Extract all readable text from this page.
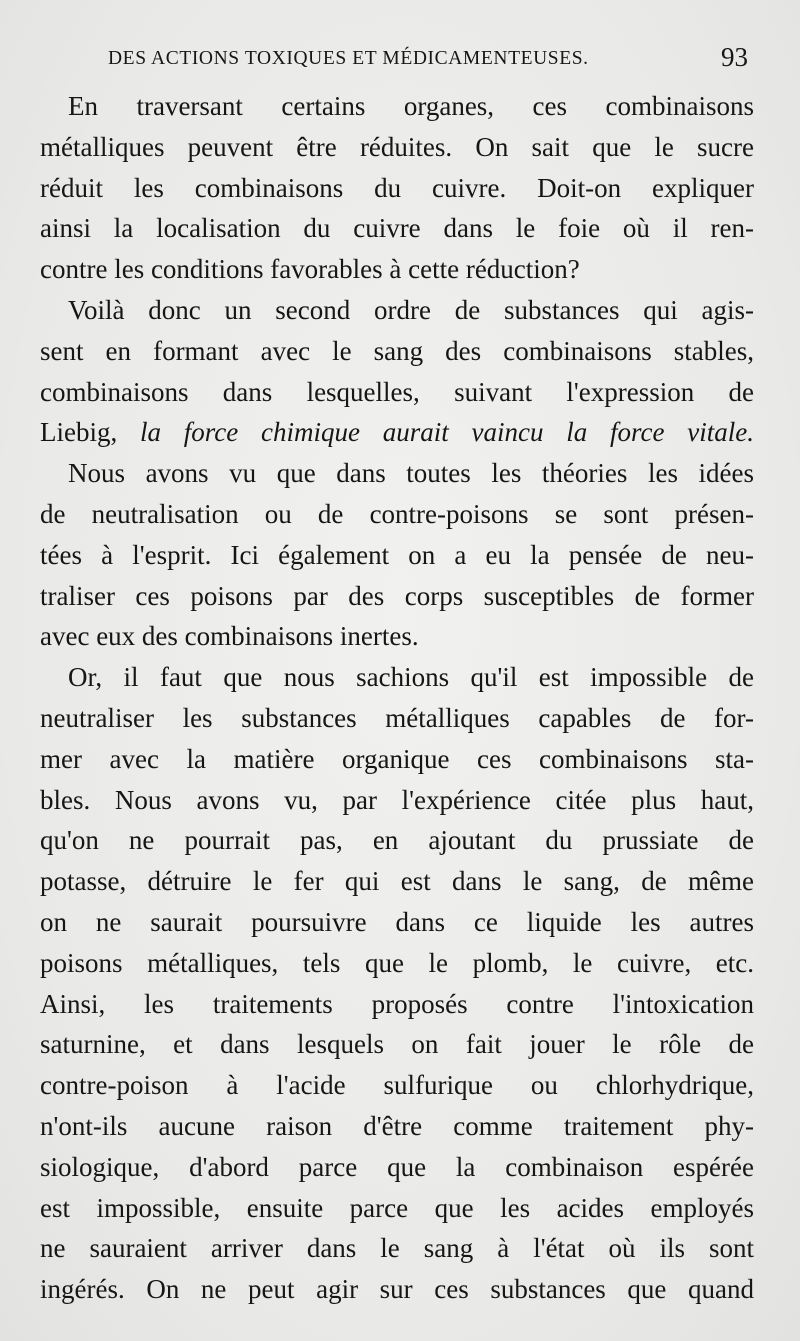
DES ACTIONS TOXIQUES ET MÉDICAMENTEUSES.	93
En traversant certains organes, ces combinaisons
métalliques peuvent être réduites. On sait que le sucre
réduit les combinaisons du cuivre. Doit-on expliquer
ainsi la localisation du cuivre dans le foie où il ren-
contre les conditions favorables à cette réduction?
Voilà donc un second ordre de substances qui agis-
sent en formant avec le sang des combinaisons stables,
combinaisons dans lesquelles, suivant l'expression de
Liebig, la force chimique aurait vaincu la force vitale.
Nous avons vu que dans toutes les théories les idées
de neutralisation ou de contre-poisons se sont présen-
tées à l'esprit. Ici également on a eu la pensée de neu-
traliser ces poisons par des corps susceptibles de former
avec eux des combinaisons inertes.
Or, il faut que nous sachions qu'il est impossible de
neutraliser les substances métalliques capables de for-
mer avec la matière organique ces combinaisons sta-
bles. Nous avons vu, par l'expérience citée plus haut,
qu'on ne pourrait pas, en ajoutant du prussiate de
potasse, détruire le fer qui est dans le sang, de même
on ne saurait poursuivre dans ce liquide les autres
poisons métalliques, tels que le plomb, le cuivre, etc.
Ainsi, les traitements proposés contre l'intoxication
saturnine, et dans lesquels on fait jouer le rôle de
contre-poison à l'acide sulfurique ou chlorhydrique,
n'ont-ils aucune raison d'être comme traitement phy-
siologique, d'abord parce que la combinaison espérée
est impossible, ensuite parce que les acides employés
ne sauraient arriver dans le sang à l'état où ils sont
ingérés. On ne peut agir sur ces substances que quand
